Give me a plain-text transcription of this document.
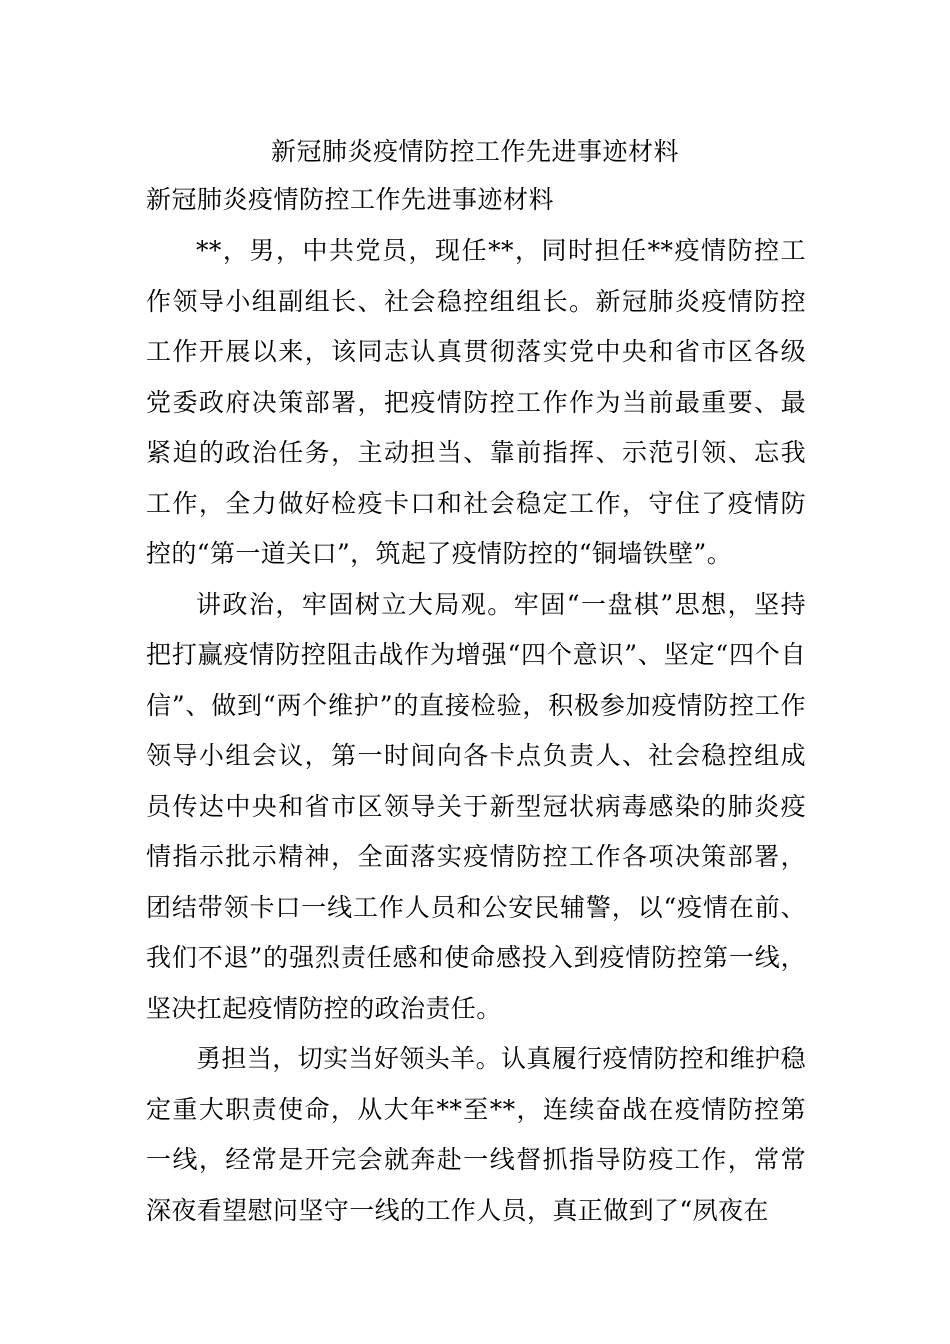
新冠肺炎疫情防控工作先进事迹材料
新冠肺炎疫情防控工作先进事迹材料

**，男，中共党员，现任**，同时担任**疫情防控工作领导小组副组长、社会稳控组组长。新冠肺炎疫情防控工作开展以来，该同志认真贯彻落实党中央和省市区各级党委政府决策部署，把疫情防控工作作为当前最重要、最紧迫的政治任务，主动担当、靠前指挥、示范引领、忘我工作，全力做好检疫卡口和社会稳定工作，守住了疫情防控的“第一道关口”，筑起了疫情防控的“铜墙铁壁”。

讲政治，牢固树立大局观。牢固“一盘棋”思想，坚持把打赢疫情防控阻击战作为增强“四个意识”、坚定“四个自信”、做到“两个维护”的直接检验，积极参加疫情防控工作领导小组会议，第一时间向各卡点负责人、社会稳控组成员传达中央和省市区领导关于新型冠状病毒感染的肺炎疫情指示批示精神，全面落实疫情防控工作各项决策部署，团结带领卡口一线工作人员和公安民辅警，以“疫情在前、我们不退”的强烈责任感和使命感投入到疫情防控第一线，坚决扛起疫情防控的政治责任。

勇担当，切实当好领头羊。认真履行疫情防控和维护稳定重大职责使命，从大年**至**，连续奋战在疫情防控第一线，经常是开完会就奔赴一线督抓指导防疫工作，常常深夜看望慰问坚守一线的工作人员，真正做到了“夙夜在
